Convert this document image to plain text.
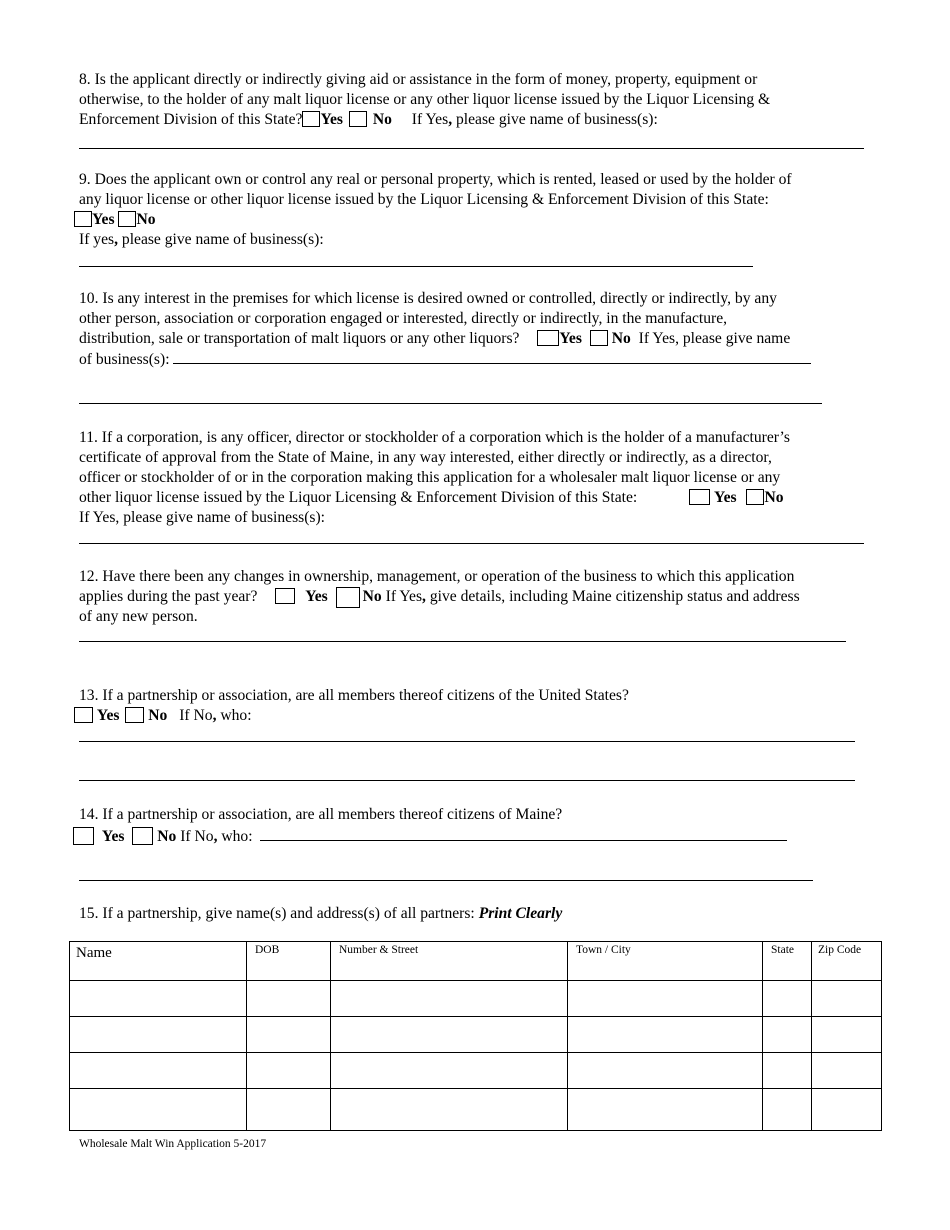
8. Is the applicant directly or indirectly giving aid or assistance in the form of money, property, equipment or

otherwise, to the holder of any malt liquor license or any other liquor license issued by the Liquor Licensing &

Enforcement Division of this State? Yes No If Yes, please give name of business(s):

9. Does the applicant own or control any real or personal property, which is rented, leased or used by the holder of

any liquor license or other liquor license issued by the Liquor Licensing & Enforcement Division of this State:

Yes No

If yes, please give name of business(s):

10. Is any interest in the premises for which license is desired owned or controlled, directly or indirectly, by any

other person, association or corporation engaged or interested, directly or indirectly, in the manufacture,

distribution, sale or transportation of malt liquors or any other liquors?	Yes No If Yes, please give name

of business(s):

11. If a corporation, is any officer, director or stockholder of a corporation which is the holder of a manufacturer’s

certificate of approval from the State of Maine, in any way interested, either directly or indirectly, as a director,

officer or stockholder of or in the corporation making this application for a wholesaler malt liquor license or any

other liquor license issued by the Liquor Licensing & Enforcement Division of this State:	Yes No

If Yes, please give name of business(s):

12. Have there been any changes in ownership, management, or operation of the business to which this application

applies during the past year?	Yes No If Yes, give details, including Maine citizenship status and address

of any new person.

13. If a partnership or association, are all members thereof citizens of the United States?

Yes No If No, who:

14. If a partnership or association, are all members thereof citizens of Maine?

Yes No If No, who:

15. If a partnership, give name(s) and address(s) of all partners: Print Clearly

Name	DOB	Number & Street	Town / City	State	Zip Code

Wholesale Malt Win Application 5-2017
